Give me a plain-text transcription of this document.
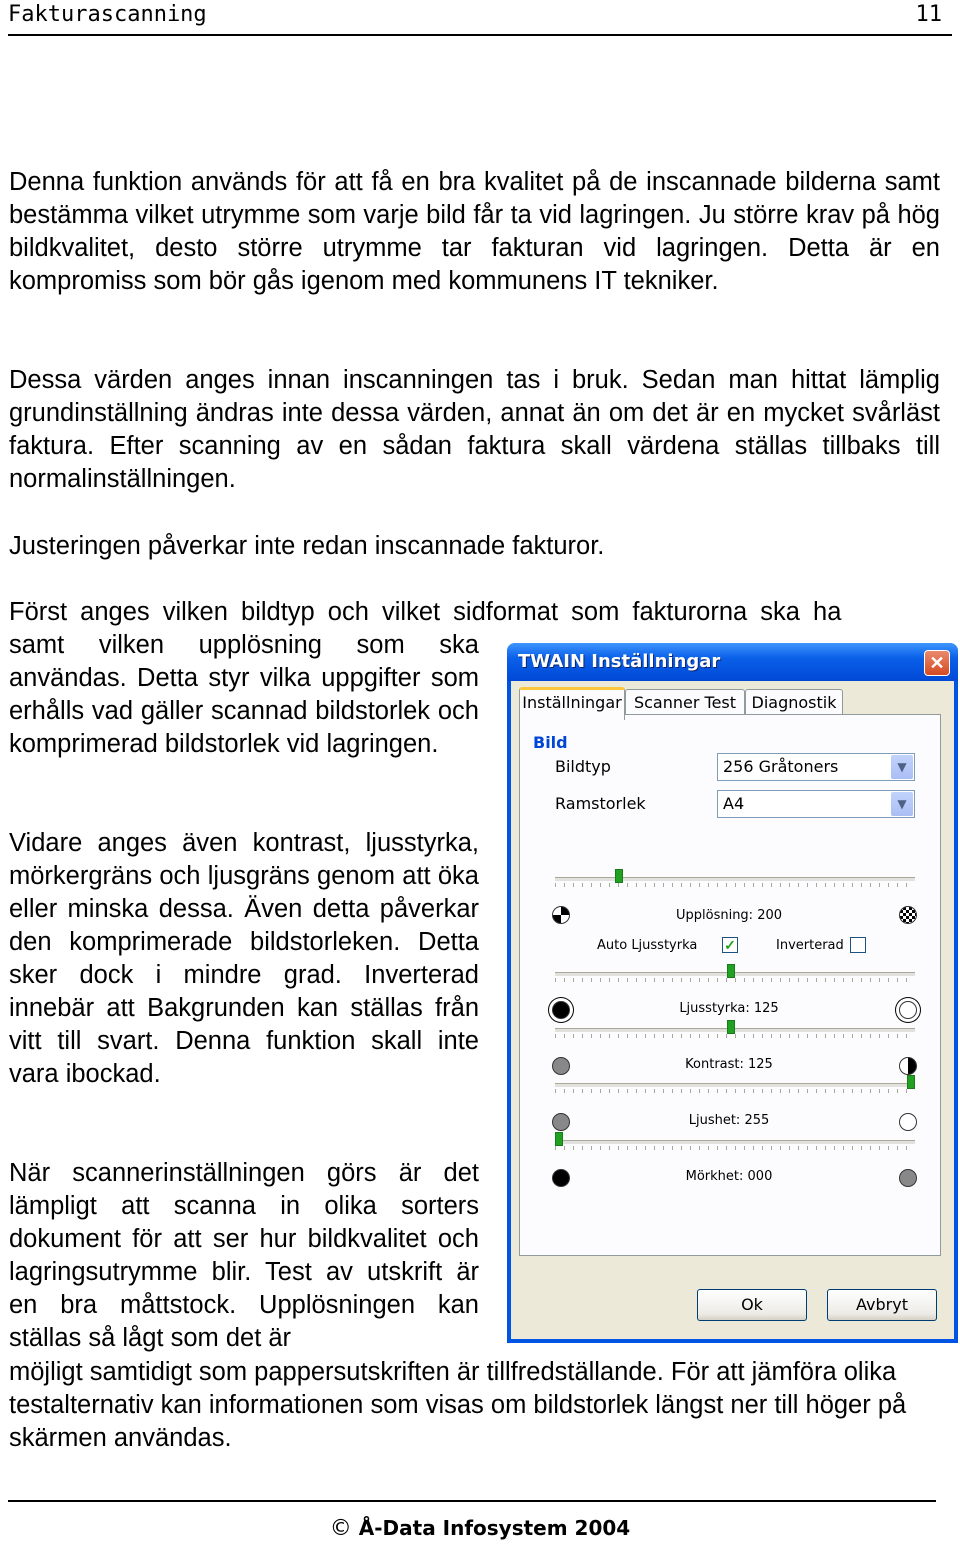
Fakturascanning	11

Denna funktion används för att få en bra kvalitet på de inscannade bilderna samt bestämma vilket utrymme som varje bild får ta vid lagringen. Ju större krav på hög bildkvalitet, desto större utrymme tar fakturan vid lagringen. Detta är en kompromiss som bör gås igenom med kommunens IT tekniker.

Dessa värden anges innan inscanningen tas i bruk. Sedan man hittat lämplig grundinställning ändras inte dessa värden, annat än om det är en mycket svårläst faktura. Efter scanning av en sådan faktura skall värdena ställas tillbaks till normalinställningen.

Justeringen påverkar inte redan inscannade fakturor.

Först anges vilken bildtyp och vilket sidformat som fakturorna ska ha

samt vilken upplösning som ska användas. Detta styr vilka uppgifter som erhålls vad gäller scannad bildstorlek och komprimerad bildstorlek vid lagringen.

Vidare anges även kontrast, ljusstyrka, mörkergräns och ljusgräns genom att öka eller minska dessa. Även detta påverkar den komprimerade bildstorleken. Detta sker dock i mindre grad. Inverterad innebär att Bakgrunden kan ställas från vitt till svart. Denna funktion skall inte vara ibockad.

När scannerinställningen görs är det lämpligt att scanna in olika sorters dokument för att ser hur bildkvalitet och lagringsutrymme blir. Test av utskrift är en bra måttstock. Upplösningen kan ställas så lågt som det är

möjligt samtidigt som pappersutskriften är tillfredställande. För att jämföra olika testalternativ kan informationen som visas om bildstorlek längst ner till höger på skärmen användas.

TWAIN Inställningar	✕
Inställningar Scanner Test Diagnostik
Bild
Bildtyp	256 Gråtoners	▼
Ramstorlek	A4	▼
Upplösning: 200
Auto Ljusstyrka ✓	Inverterad
Ljusstyrka: 125
Kontrast: 125
Ljushet: 255
Mörkhet: 000
Ok	Avbryt
© Å-Data Infosystem 2004
